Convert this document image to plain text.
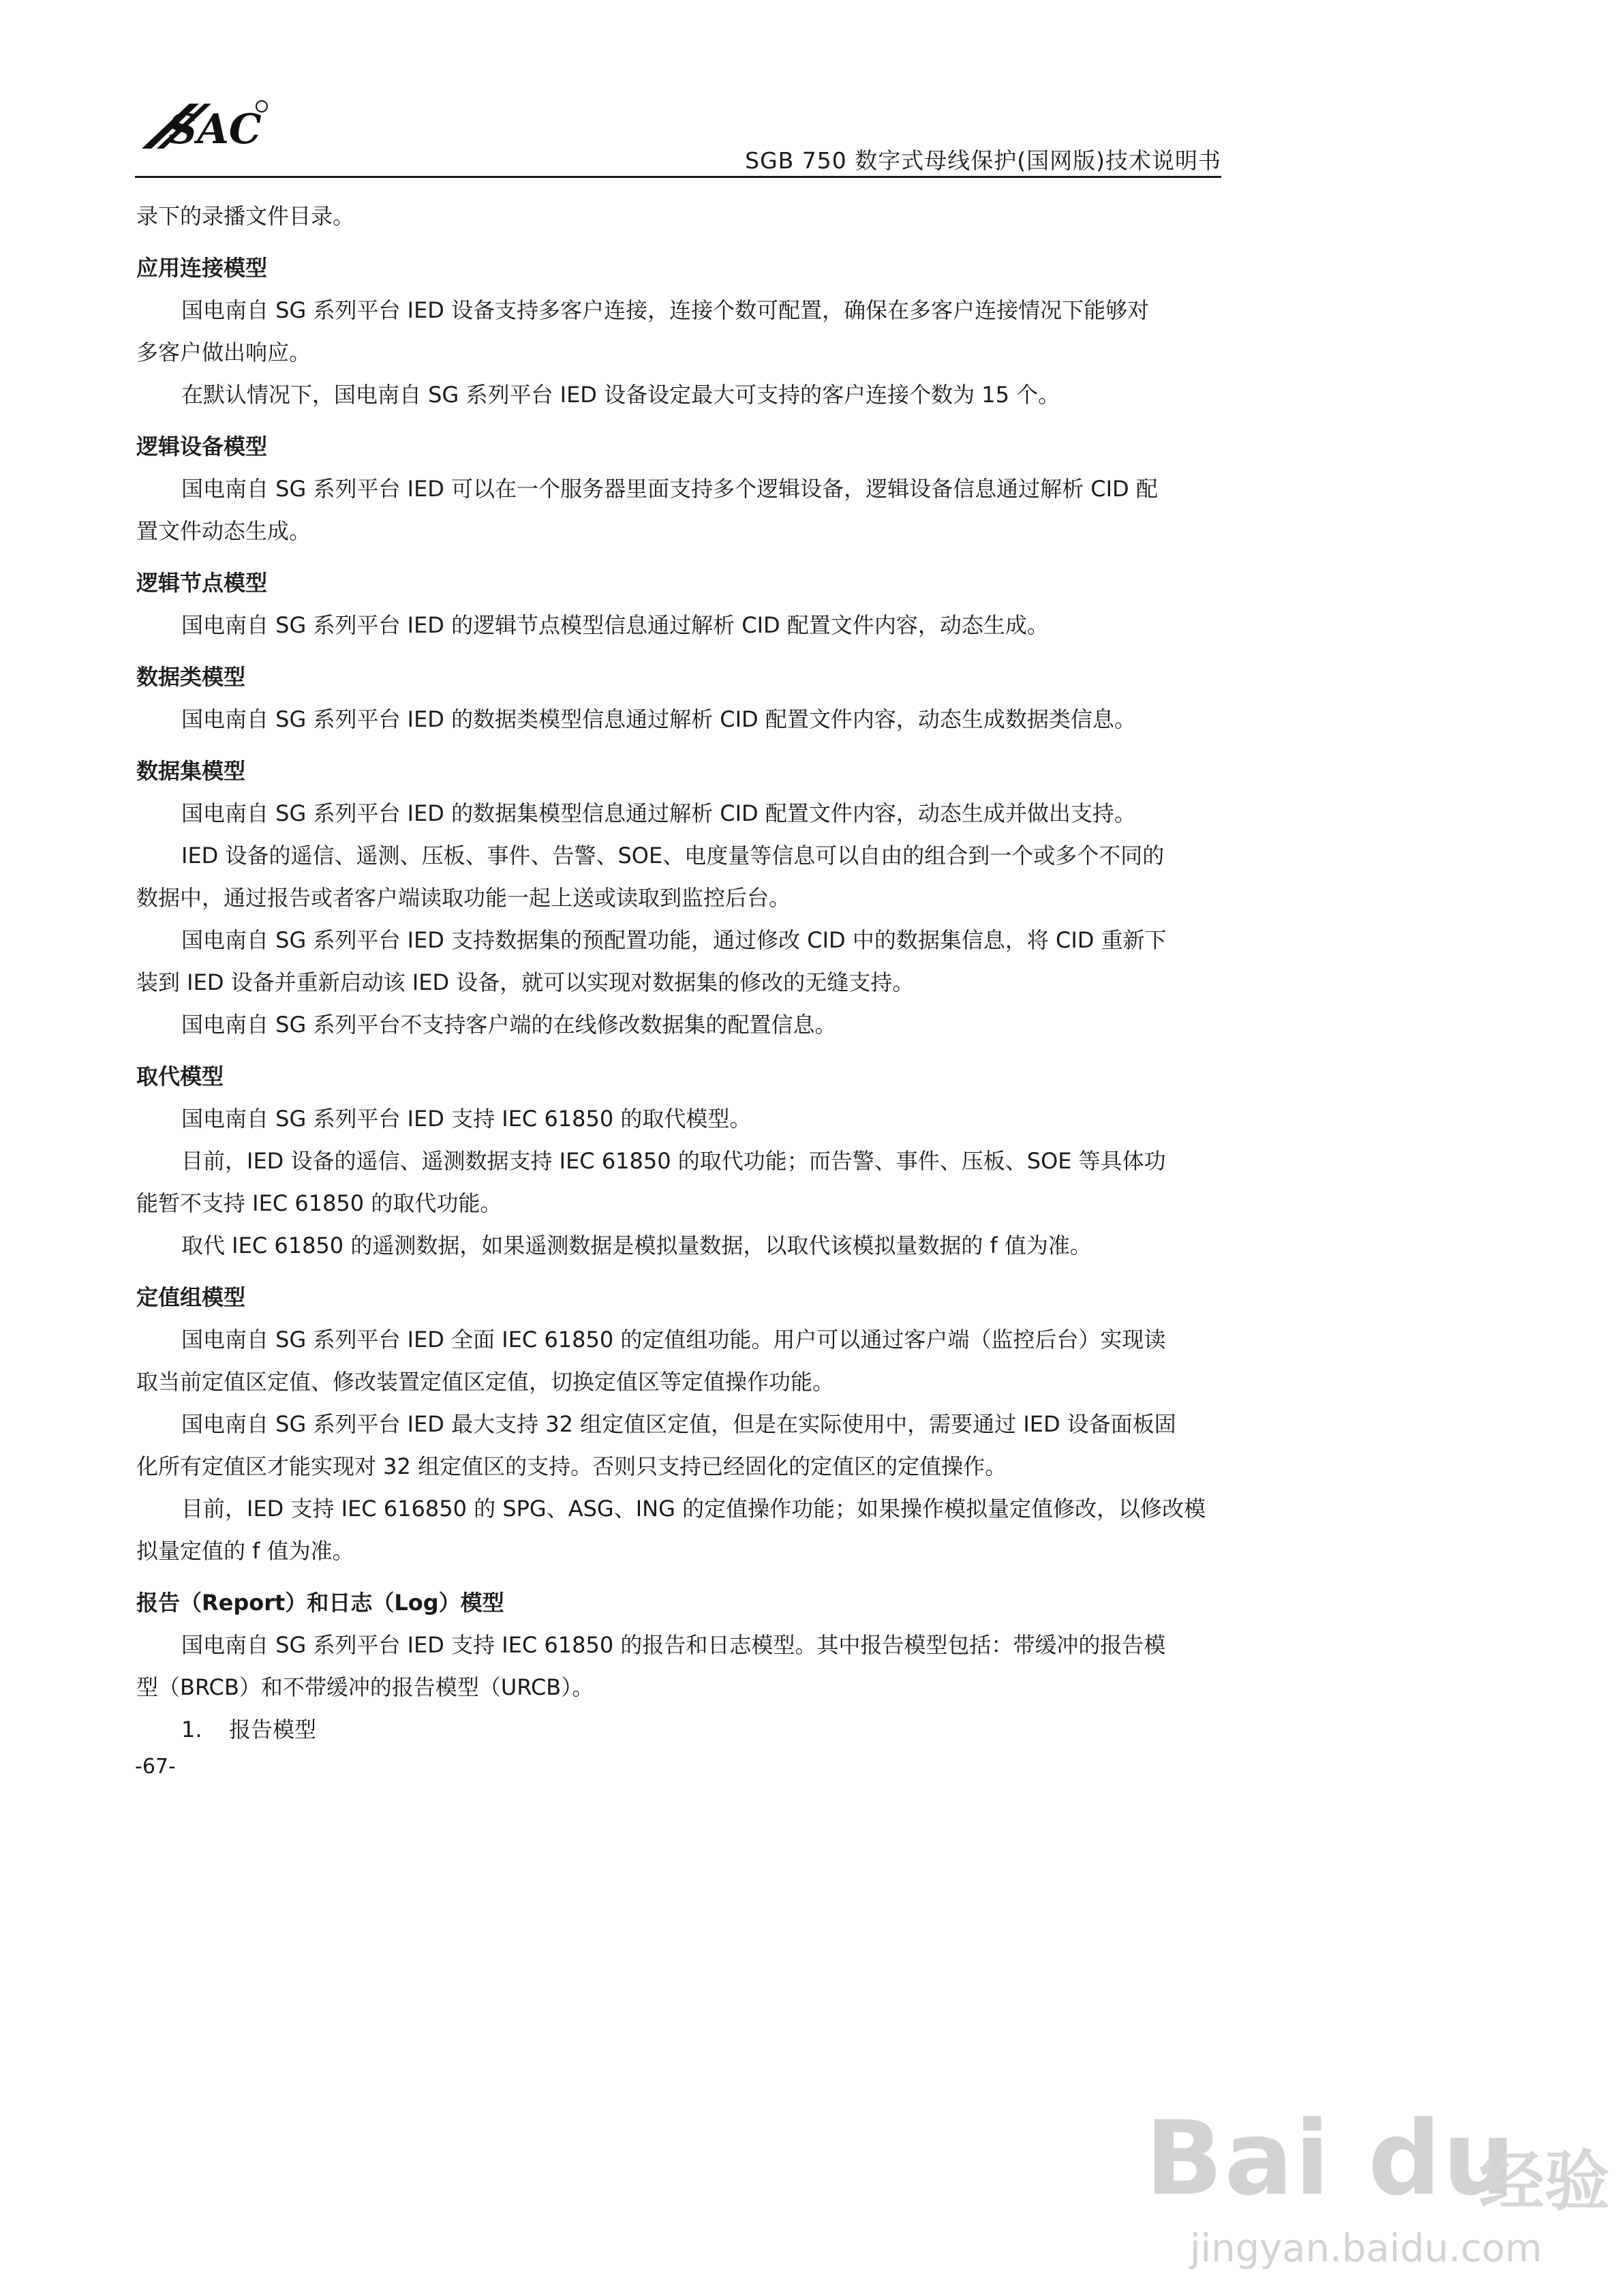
SAC
SGB 750 数字式母线保护(国网版)技术说明书

录下的录播文件目录。

应用连接模型

国电南自 SG 系列平台 IED 设备支持多客户连接，连接个数可配置，确保在多客户连接情况下能够对

多客户做出响应。

在默认情况下，国电南自 SG 系列平台 IED 设备设定最大可支持的客户连接个数为 15 个。

逻辑设备模型

国电南自 SG 系列平台 IED 可以在一个服务器里面支持多个逻辑设备，逻辑设备信息通过解析 CID 配

置文件动态生成。

逻辑节点模型

国电南自 SG 系列平台 IED 的逻辑节点模型信息通过解析 CID 配置文件内容，动态生成。

数据类模型

国电南自 SG 系列平台 IED 的数据类模型信息通过解析 CID 配置文件内容，动态生成数据类信息。

数据集模型

国电南自 SG 系列平台 IED 的数据集模型信息通过解析 CID 配置文件内容，动态生成并做出支持。

IED 设备的遥信、遥测、压板、事件、告警、SOE、电度量等信息可以自由的组合到一个或多个不同的

数据中，通过报告或者客户端读取功能一起上送或读取到监控后台。

国电南自 SG 系列平台 IED 支持数据集的预配置功能，通过修改 CID 中的数据集信息，将 CID 重新下

装到 IED 设备并重新启动该 IED 设备，就可以实现对数据集的修改的无缝支持。

国电南自 SG 系列平台不支持客户端的在线修改数据集的配置信息。

取代模型

国电南自 SG 系列平台 IED 支持 IEC 61850 的取代模型。

目前，IED 设备的遥信、遥测数据支持 IEC 61850 的取代功能；而告警、事件、压板、SOE 等具体功

能暂不支持 IEC 61850 的取代功能。

取代 IEC 61850 的遥测数据，如果遥测数据是模拟量数据，以取代该模拟量数据的 f 值为准。

定值组模型

国电南自 SG 系列平台 IED 全面 IEC 61850 的定值组功能。用户可以通过客户端（监控后台）实现读

取当前定值区定值、修改装置定值区定值，切换定值区等定值操作功能。

国电南自 SG 系列平台 IED 最大支持 32 组定值区定值，但是在实际使用中，需要通过 IED 设备面板固

化所有定值区才能实现对 32 组定值区的支持。否则只支持已经固化的定值区的定值操作。

目前，IED 支持 IEC 616850 的 SPG、ASG、ING 的定值操作功能；如果操作模拟量定值修改，以修改模

拟量定值的 f 值为准。

报告（Report）和日志（Log）模型

国电南自 SG 系列平台 IED 支持 IEC 61850 的报告和日志模型。其中报告模型包括：带缓冲的报告模

型（BRCB）和不带缓冲的报告模型（URCB）。

1. 报告模型

-67-
Bai du
经验
jingyan.baidu.com
